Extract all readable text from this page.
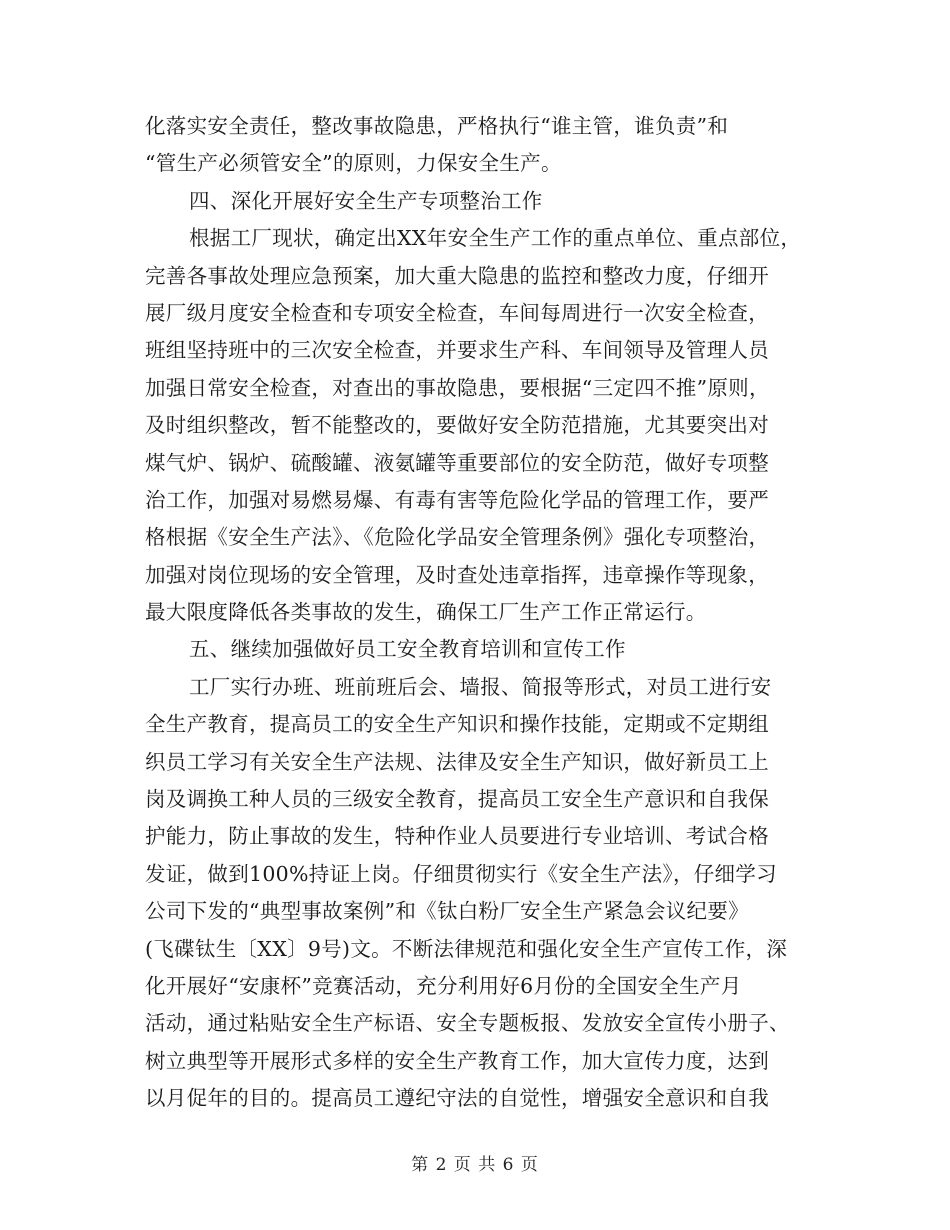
化落实安全责任，整改事故隐患，严格执行“谁主管，谁负责”和
“管生产必须管安全”的原则，力保安全生产。
四、深化开展好安全生产专项整治工作
根据工厂现状，确定出XX年安全生产工作的重点单位、重点部位，
完善各事故处理应急预案，加大重大隐患的监控和整改力度，仔细开
展厂级月度安全检查和专项安全检查，车间每周进行一次安全检查，
班组坚持班中的三次安全检查，并要求生产科、车间领导及管理人员
加强日常安全检查，对查出的事故隐患，要根据“三定四不推”原则，
及时组织整改，暂不能整改的，要做好安全防范措施，尤其要突出对
煤气炉、锅炉、硫酸罐、液氨罐等重要部位的安全防范，做好专项整
治工作，加强对易燃易爆、有毒有害等危险化学品的管理工作，要严
格根据《安全生产法》、《危险化学品安全管理条例》强化专项整治，
加强对岗位现场的安全管理，及时查处违章指挥，违章操作等现象，
最大限度降低各类事故的发生，确保工厂生产工作正常运行。
五、继续加强做好员工安全教育培训和宣传工作
工厂实行办班、班前班后会、墙报、简报等形式，对员工进行安
全生产教育，提高员工的安全生产知识和操作技能，定期或不定期组
织员工学习有关安全生产法规、法律及安全生产知识，做好新员工上
岗及调换工种人员的三级安全教育，提高员工安全生产意识和自我保
护能力，防止事故的发生，特种作业人员要进行专业培训、考试合格
发证，做到100%持证上岗。仔细贯彻实行《安全生产法》，仔细学习
公司下发的“典型事故案例”和《钛白粉厂安全生产紧急会议纪要》
(飞碟钛生〔XX〕9号)文。不断法律规范和强化安全生产宣传工作，深
化开展好“安康杯”竞赛活动，充分利用好6月份的全国安全生产月
活动，通过粘贴安全生产标语、安全专题板报、发放安全宣传小册子、
树立典型等开展形式多样的安全生产教育工作，加大宣传力度，达到
以月促年的目的。提高员工遵纪守法的自觉性，增强安全意识和自我
第 2 页 共 6 页
